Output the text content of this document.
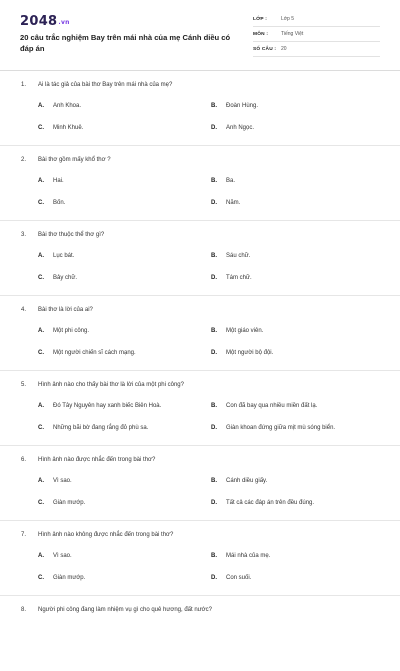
2048.vn
20 câu trắc nghiệm Bay trên mái nhà của mẹ Cánh diều có đáp án
LỚP :	Lớp 5
MÔN :	Tiếng Việt
SỐ CÂU : 20
1. Ai là tác giả của bài thơ Bay trên mái nhà của mẹ?
A. Anh Khoa.	B. Đoàn Hùng.
C. Minh Khuê.	D. Anh Ngọc.
2. Bài thơ gồm mấy khổ thơ ?
A. Hai.	B. Ba.
C. Bốn.	D. Năm.
3. Bài thơ thuộc thể thơ gì?
A. Lục bát.	B. Sáu chữ.
C. Bảy chữ.	D. Tám chữ.
4. Bài thơ là lời của ai?
A. Một phi công.	B. Một giáo viên.
C. Một người chiến sĩ cách mạng.	D. Một người bộ đội.
5. Hình ảnh nào cho thấy bài thơ là lời của một phi công?
A. Đó Tây Nguyên hay xanh biếc Biên Hoà.	B. Con đã bay qua nhiều miền đất lạ.
C. Những bãi bờ đang rắng đỏ phù sa.	D. Giàn khoan đứng giữa mịt mù sóng biển.
6. Hình ảnh nào được nhắc đến trong bài thơ?
A. Vì sao.	B. Cánh diều giấy.
C. Giàn mướp.	D. Tất cả các đáp án trên đều đúng.
7. Hình ảnh nào không được nhắc đến trong bài thơ?
A. Vì sao.	B. Mái nhà của mẹ.
C. Giàn mướp.	D. Con suối.
8. Người phi công đang làm nhiệm vụ gì cho quê hương, đất nước?
